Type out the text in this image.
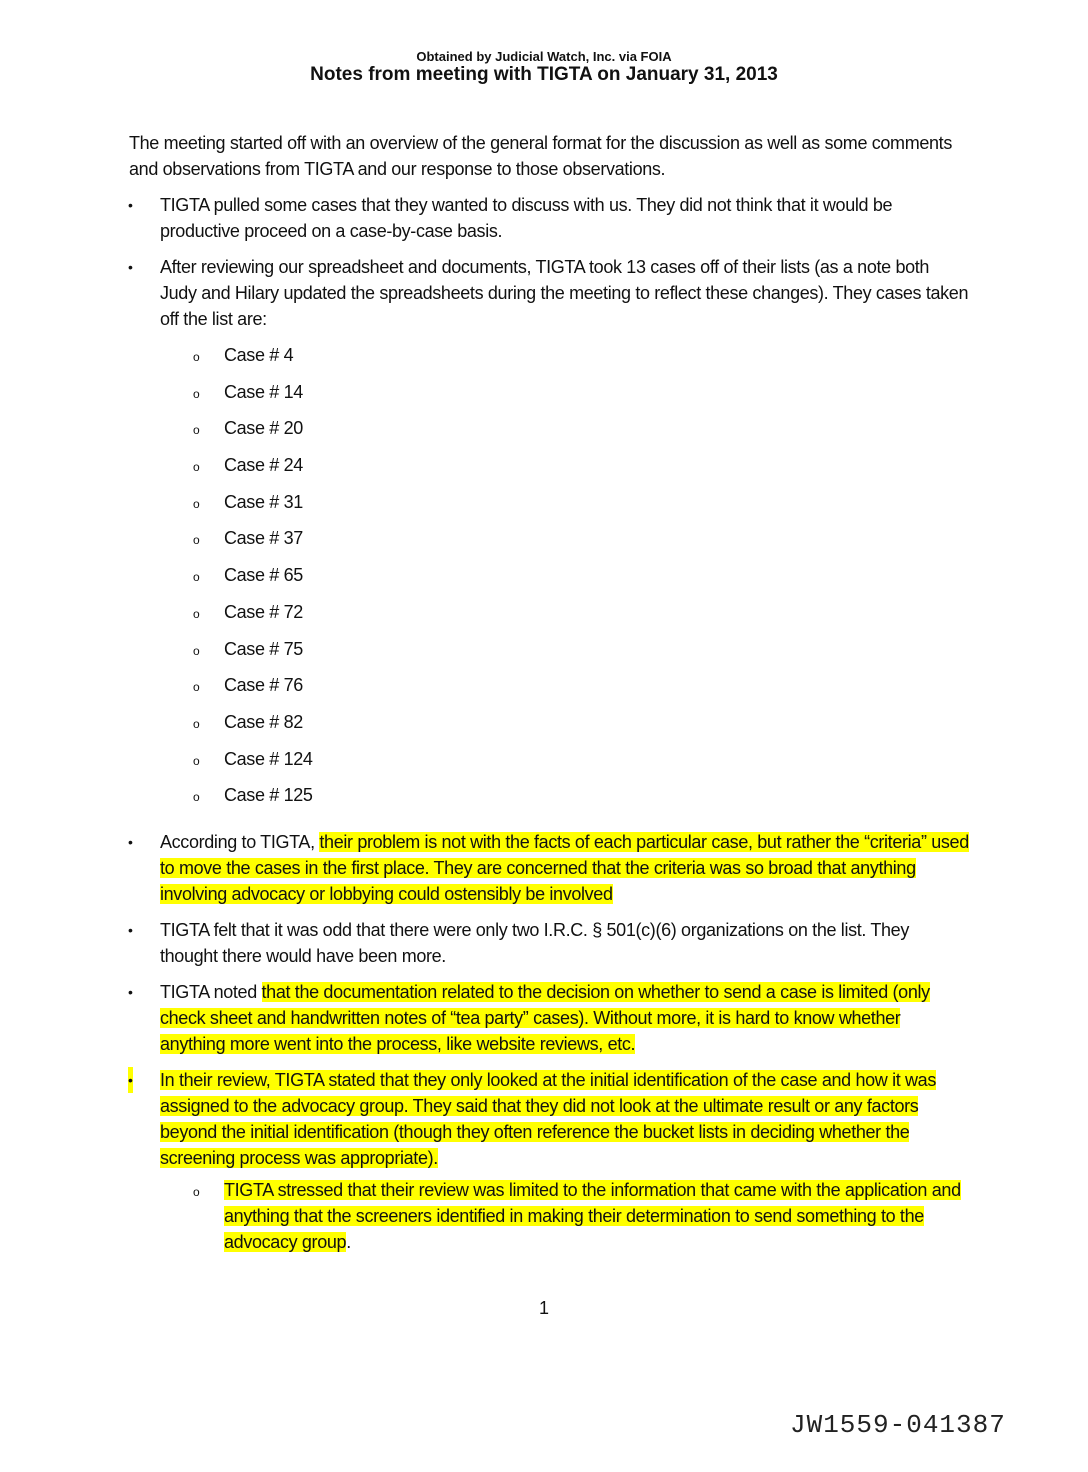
Obtained by Judicial Watch, Inc. via FOIA
Notes from meeting with TIGTA on January 31, 2013

The meeting started off with an overview of the general format for the discussion as well as some comments and observations from TIGTA and our response to those observations.

• TIGTA pulled some cases that they wanted to discuss with us. They did not think that it would be productive proceed on a case-by-case basis.
• After reviewing our spreadsheet and documents, TIGTA took 13 cases off of their lists (as a note both Judy and Hilary updated the spreadsheets during the meeting to reflect these changes). They cases taken off the list are:
o Case # 4
o Case # 14
o Case # 20
o Case # 24
o Case # 31
o Case # 37
o Case # 65
o Case # 72
o Case # 75
o Case # 76
o Case # 82
o Case # 124
o Case # 125
• According to TIGTA, their problem is not with the facts of each particular case, but rather the “criteria” used to move the cases in the first place. They are concerned that the criteria was so broad that anything involving advocacy or lobbying could ostensibly be involved
• TIGTA felt that it was odd that there were only two I.R.C. § 501(c)(6) organizations on the list. They thought there would have been more.
• TIGTA noted that the documentation related to the decision on whether to send a case is limited (only check sheet and handwritten notes of “tea party” cases). Without more, it is hard to know whether anything more went into the process, like website reviews, etc.
• In their review, TIGTA stated that they only looked at the initial identification of the case and how it was assigned to the advocacy group. They said that they did not look at the ultimate result or any factors beyond the initial identification (though they often reference the bucket lists in deciding whether the screening process was appropriate).
o TIGTA stressed that their review was limited to the information that came with the application and anything that the screeners identified in making their determination to send something to the advocacy group.
1
JW1559-041387
